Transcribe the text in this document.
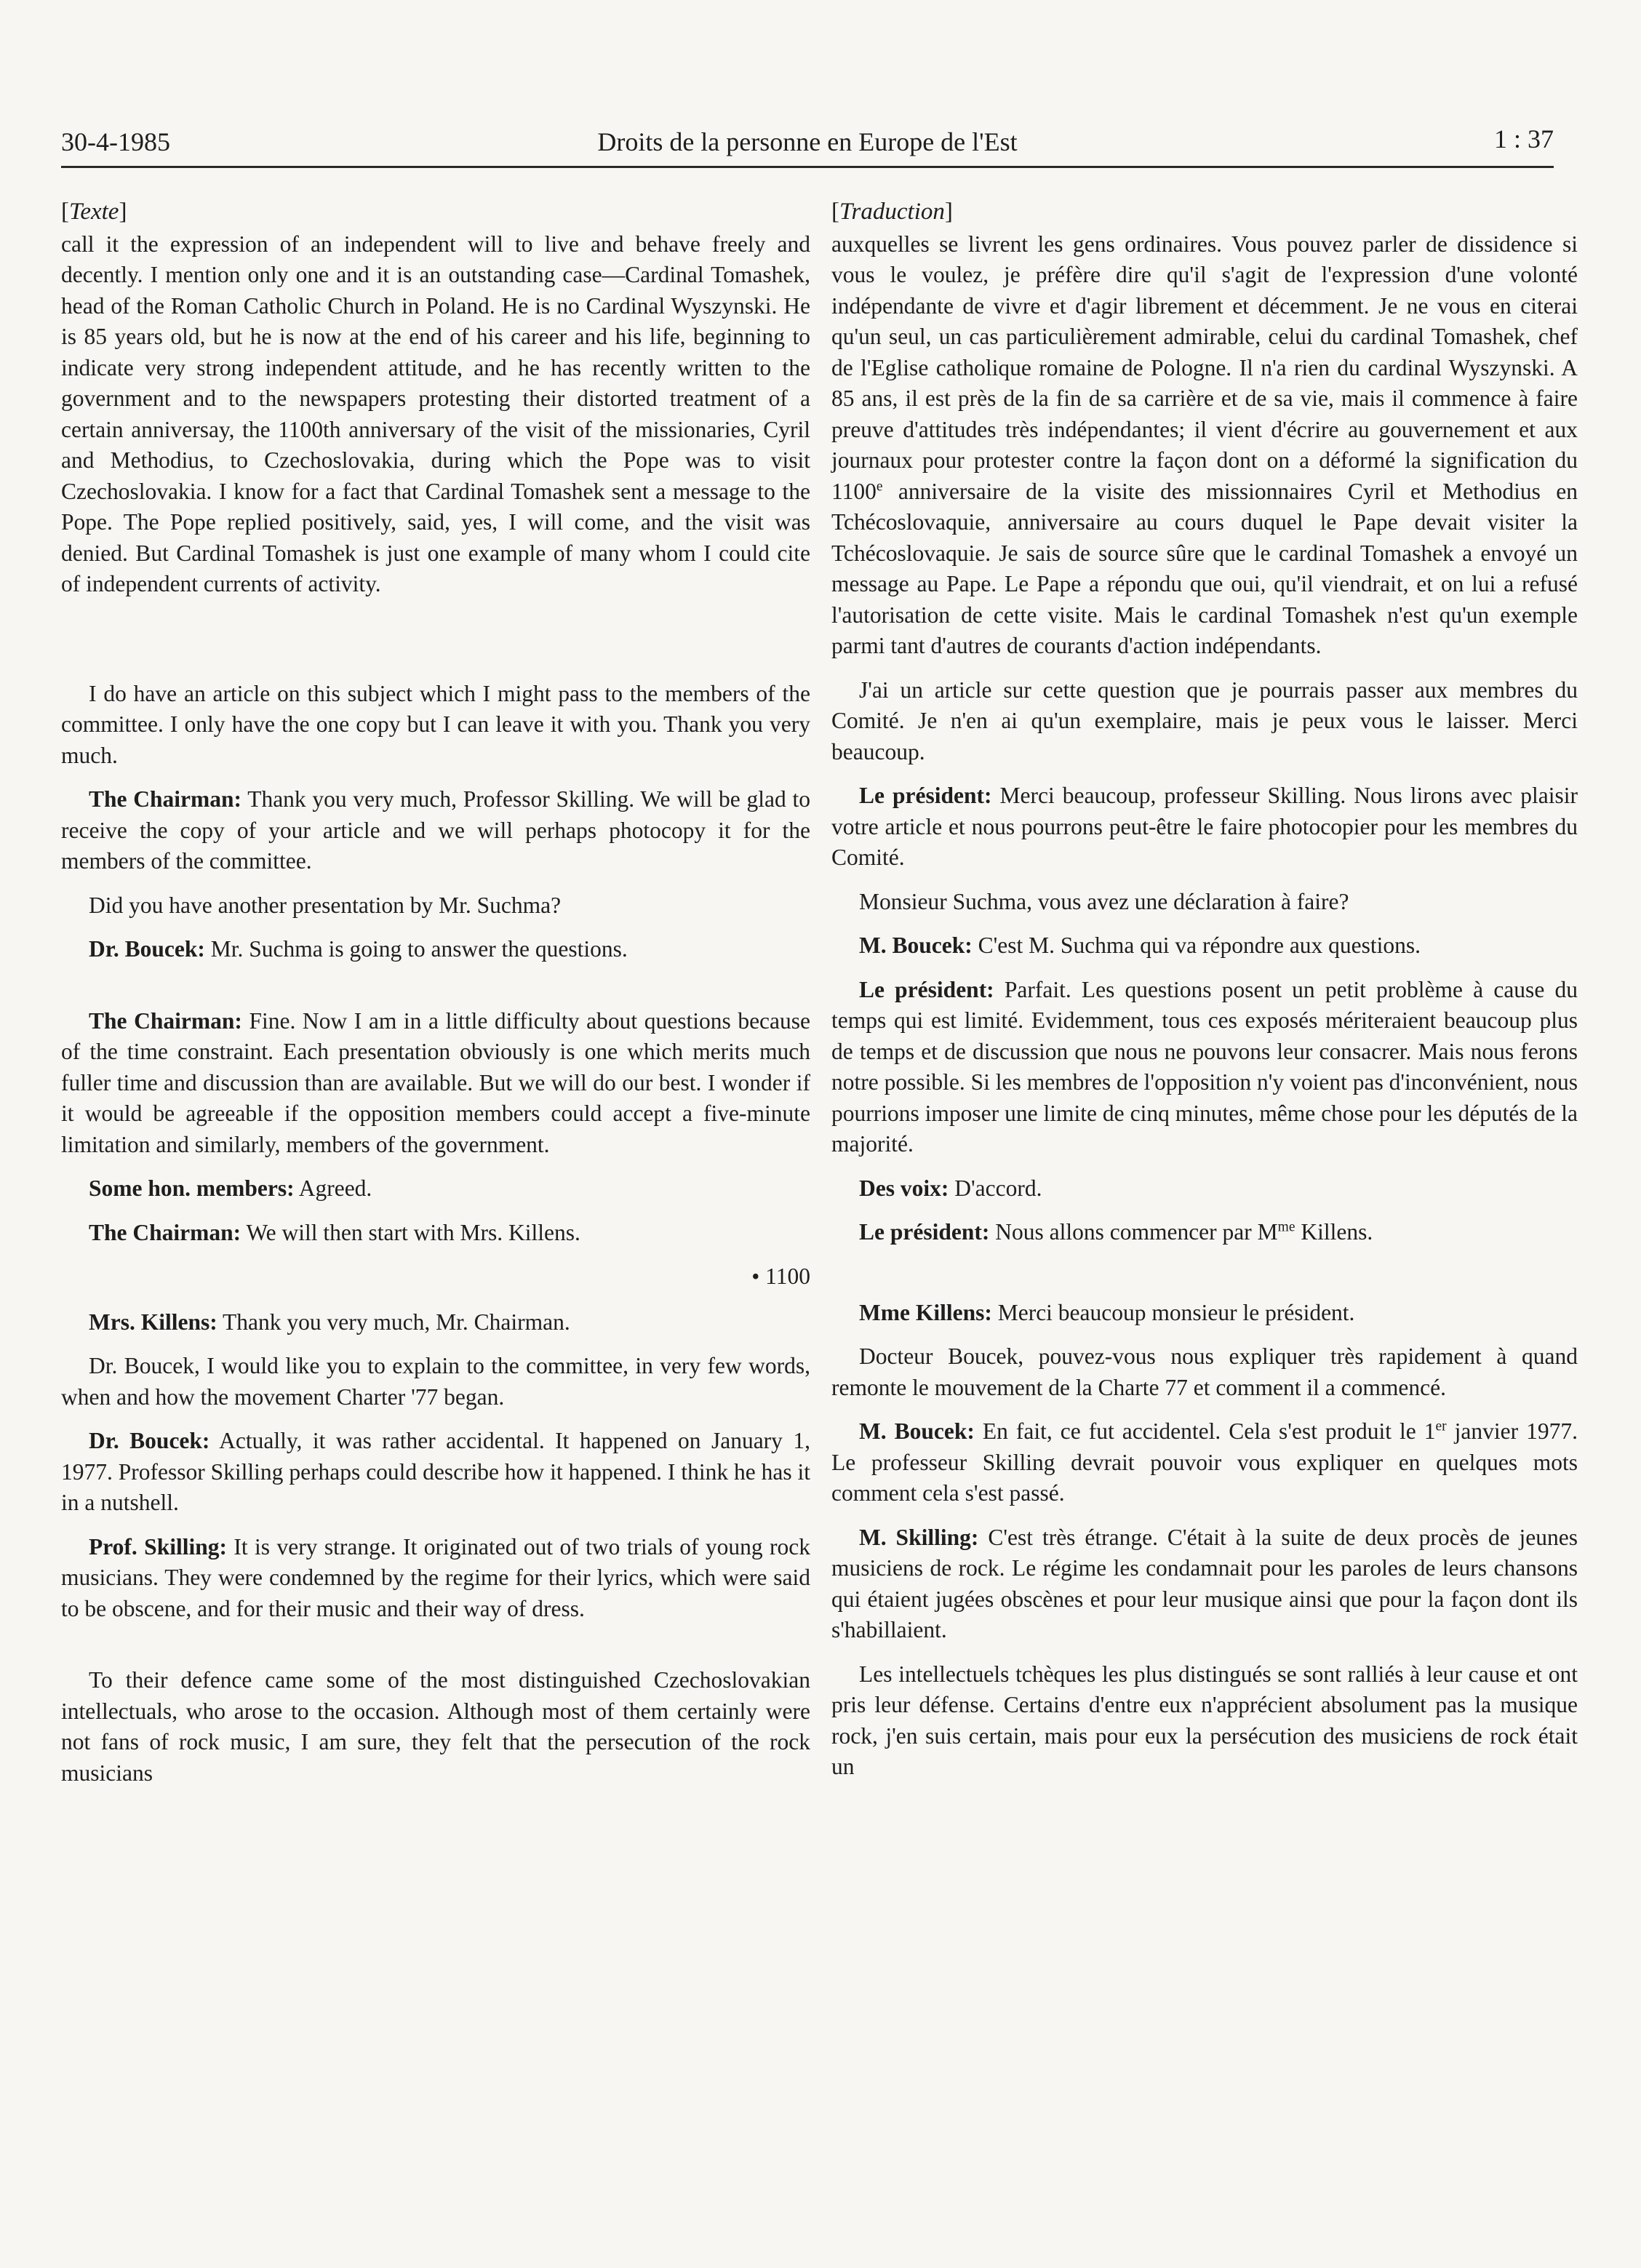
30-4-1985	Droits de la personne en Europe de l'Est	1 : 37
[Texte]

call it the expression of an independent will to live and behave freely and decently. I mention only one and it is an outstanding case—Cardinal Tomashek, head of the Roman Catholic Church in Poland. He is no Cardinal Wyszynski. He is 85 years old, but he is now at the end of his career and his life, beginning to indicate very strong independent attitude, and he has recently written to the government and to the newspapers protesting their distorted treatment of a certain anniversay, the 1100th anniversary of the visit of the missionaries, Cyril and Methodius, to Czechoslovakia, during which the Pope was to visit Czechoslovakia. I know for a fact that Cardinal Tomashek sent a message to the Pope. The Pope replied positively, said, yes, I will come, and the visit was denied. But Cardinal Tomashek is just one example of many whom I could cite of independent currents of activity.

I do have an article on this subject which I might pass to the members of the committee. I only have the one copy but I can leave it with you. Thank you very much.

The Chairman: Thank you very much, Professor Skilling. We will be glad to receive the copy of your article and we will perhaps photocopy it for the members of the committee.

Did you have another presentation by Mr. Suchma?

Dr. Boucek: Mr. Suchma is going to answer the questions.

The Chairman: Fine. Now I am in a little difficulty about questions because of the time constraint. Each presentation obviously is one which merits much fuller time and discussion than are available. But we will do our best. I wonder if it would be agreeable if the opposition members could accept a five-minute limitation and similarly, members of the government.

Some hon. members: Agreed.

The Chairman: We will then start with Mrs. Killens.

• 1100

Mrs. Killens: Thank you very much, Mr. Chairman.

Dr. Boucek, I would like you to explain to the committee, in very few words, when and how the movement Charter '77 began.

Dr. Boucek: Actually, it was rather accidental. It happened on January 1, 1977. Professor Skilling perhaps could describe how it happened. I think he has it in a nutshell.

Prof. Skilling: It is very strange. It originated out of two trials of young rock musicians. They were condemned by the regime for their lyrics, which were said to be obscene, and for their music and their way of dress.

To their defence came some of the most distinguished Czechoslovakian intellectuals, who arose to the occasion. Although most of them certainly were not fans of rock music, I am sure, they felt that the persecution of the rock musicians

[Traduction]

auxquelles se livrent les gens ordinaires. Vous pouvez parler de dissidence si vous le voulez, je préfère dire qu'il s'agit de l'expression d'une volonté indépendante de vivre et d'agir librement et décemment. Je ne vous en citerai qu'un seul, un cas particulièrement admirable, celui du cardinal Tomashek, chef de l'Eglise catholique romaine de Pologne. Il n'a rien du cardinal Wyszynski. A 85 ans, il est près de la fin de sa carrière et de sa vie, mais il commence à faire preuve d'attitudes très indépendantes; il vient d'écrire au gouvernement et aux journaux pour protester contre la façon dont on a déformé la signification du 1100e anniversaire de la visite des missionnaires Cyril et Methodius en Tchécoslovaquie, anniversaire au cours duquel le Pape devait visiter la Tchécoslovaquie. Je sais de source sûre que le cardinal Tomashek a envoyé un message au Pape. Le Pape a répondu que oui, qu'il viendrait, et on lui a refusé l'autorisation de cette visite. Mais le cardinal Tomashek n'est qu'un exemple parmi tant d'autres de courants d'action indépendants.

J'ai un article sur cette question que je pourrais passer aux membres du Comité. Je n'en ai qu'un exemplaire, mais je peux vous le laisser. Merci beaucoup.

Le président: Merci beaucoup, professeur Skilling. Nous lirons avec plaisir votre article et nous pourrons peut-être le faire photocopier pour les membres du Comité.

Monsieur Suchma, vous avez une déclaration à faire?

M. Boucek: C'est M. Suchma qui va répondre aux questions.

Le président: Parfait. Les questions posent un petit problème à cause du temps qui est limité. Evidemment, tous ces exposés mériteraient beaucoup plus de temps et de discussion que nous ne pouvons leur consacrer. Mais nous ferons notre possible. Si les membres de l'opposition n'y voient pas d'inconvénient, nous pourrions imposer une limite de cinq minutes, même chose pour les députés de la majorité.

Des voix: D'accord.

Le président: Nous allons commencer par $M^{me}$ Killens.

Mme Killens: Merci beaucoup monsieur le président.

Docteur Boucek, pouvez-vous nous expliquer très rapidement à quand remonte le mouvement de la Charte 77 et comment il a commencé.

M. Boucek: En fait, ce fut accidentel. Cela s'est produit le 1er janvier 1977. Le professeur Skilling devrait pouvoir vous expliquer en quelques mots comment cela s'est passé.

M. Skilling: C'est très étrange. C'était à la suite de deux procès de jeunes musiciens de rock. Le régime les condamnait pour les paroles de leurs chansons qui étaient jugées obscènes et pour leur musique ainsi que pour la façon dont ils s'habillaient.

Les intellectuels tchèques les plus distingués se sont ralliés à leur cause et ont pris leur défense. Certains d'entre eux n'apprécient absolument pas la musique rock, j'en suis certain, mais pour eux la persécution des musiciens de rock était un
